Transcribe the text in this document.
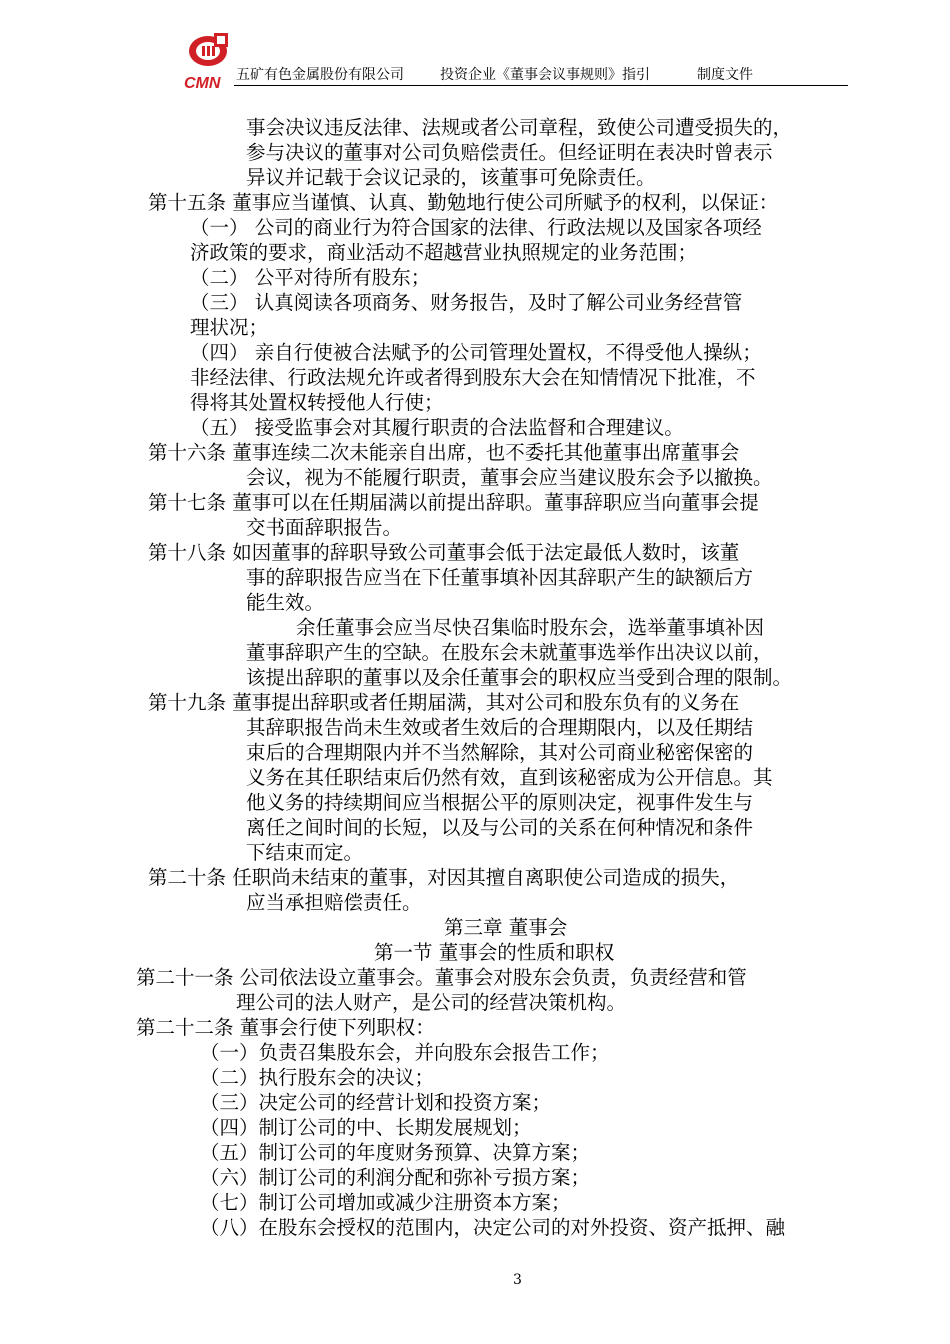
CMN 五矿有色金属股份有限公司	投资企业《董事会议事规则》指引	制度文件
事会决议违反法律、法规或者公司章程，致使公司遭受损失的，
参与决议的董事对公司负赔偿责任。但经证明在表决时曾表示
异议并记载于会议记录的，该董事可免除责任。
第十五条 董事应当谨慎、认真、勤勉地行使公司所赋予的权利，以保证：
（一） 公司的商业行为符合国家的法律、行政法规以及国家各项经
济政策的要求，商业活动不超越营业执照规定的业务范围；
（二） 公平对待所有股东；
（三） 认真阅读各项商务、财务报告，及时了解公司业务经营管
理状况；
（四） 亲自行使被合法赋予的公司管理处置权，不得受他人操纵；
非经法律、行政法规允许或者得到股东大会在知情情况下批准，不
得将其处置权转授他人行使；
（五） 接受监事会对其履行职责的合法监督和合理建议。
第十六条 董事连续二次未能亲自出席，也不委托其他董事出席董事会
会议，视为不能履行职责，董事会应当建议股东会予以撤换。
第十七条 董事可以在任期届满以前提出辞职。董事辞职应当向董事会提
交书面辞职报告。
第十八条 如因董事的辞职导致公司董事会低于法定最低人数时，该董
事的辞职报告应当在下任董事填补因其辞职产生的缺额后方
能生效。
余任董事会应当尽快召集临时股东会，选举董事填补因
董事辞职产生的空缺。在股东会未就董事选举作出决议以前，
该提出辞职的董事以及余任董事会的职权应当受到合理的限制。
第十九条 董事提出辞职或者任期届满，其对公司和股东负有的义务在
其辞职报告尚未生效或者生效后的合理期限内，以及任期结
束后的合理期限内并不当然解除，其对公司商业秘密保密的
义务在其任职结束后仍然有效，直到该秘密成为公开信息。其
他义务的持续期间应当根据公平的原则决定，视事件发生与
离任之间时间的长短，以及与公司的关系在何种情况和条件
下结束而定。
第二十条 任职尚未结束的董事，对因其擅自离职使公司造成的损失，
应当承担赔偿责任。
第三章 董事会
第一节 董事会的性质和职权
第二十一条 公司依法设立董事会。董事会对股东会负责，负责经营和管
理公司的法人财产，是公司的经营决策机构。
第二十二条 董事会行使下列职权：
（一）负责召集股东会，并向股东会报告工作；
（二）执行股东会的决议；
（三）决定公司的经营计划和投资方案；
（四）制订公司的中、长期发展规划；
（五）制订公司的年度财务预算、决算方案；
（六）制订公司的利润分配和弥补亏损方案；
（七）制订公司增加或减少注册资本方案；
（八）在股东会授权的范围内，决定公司的对外投资、资产抵押、融
3
